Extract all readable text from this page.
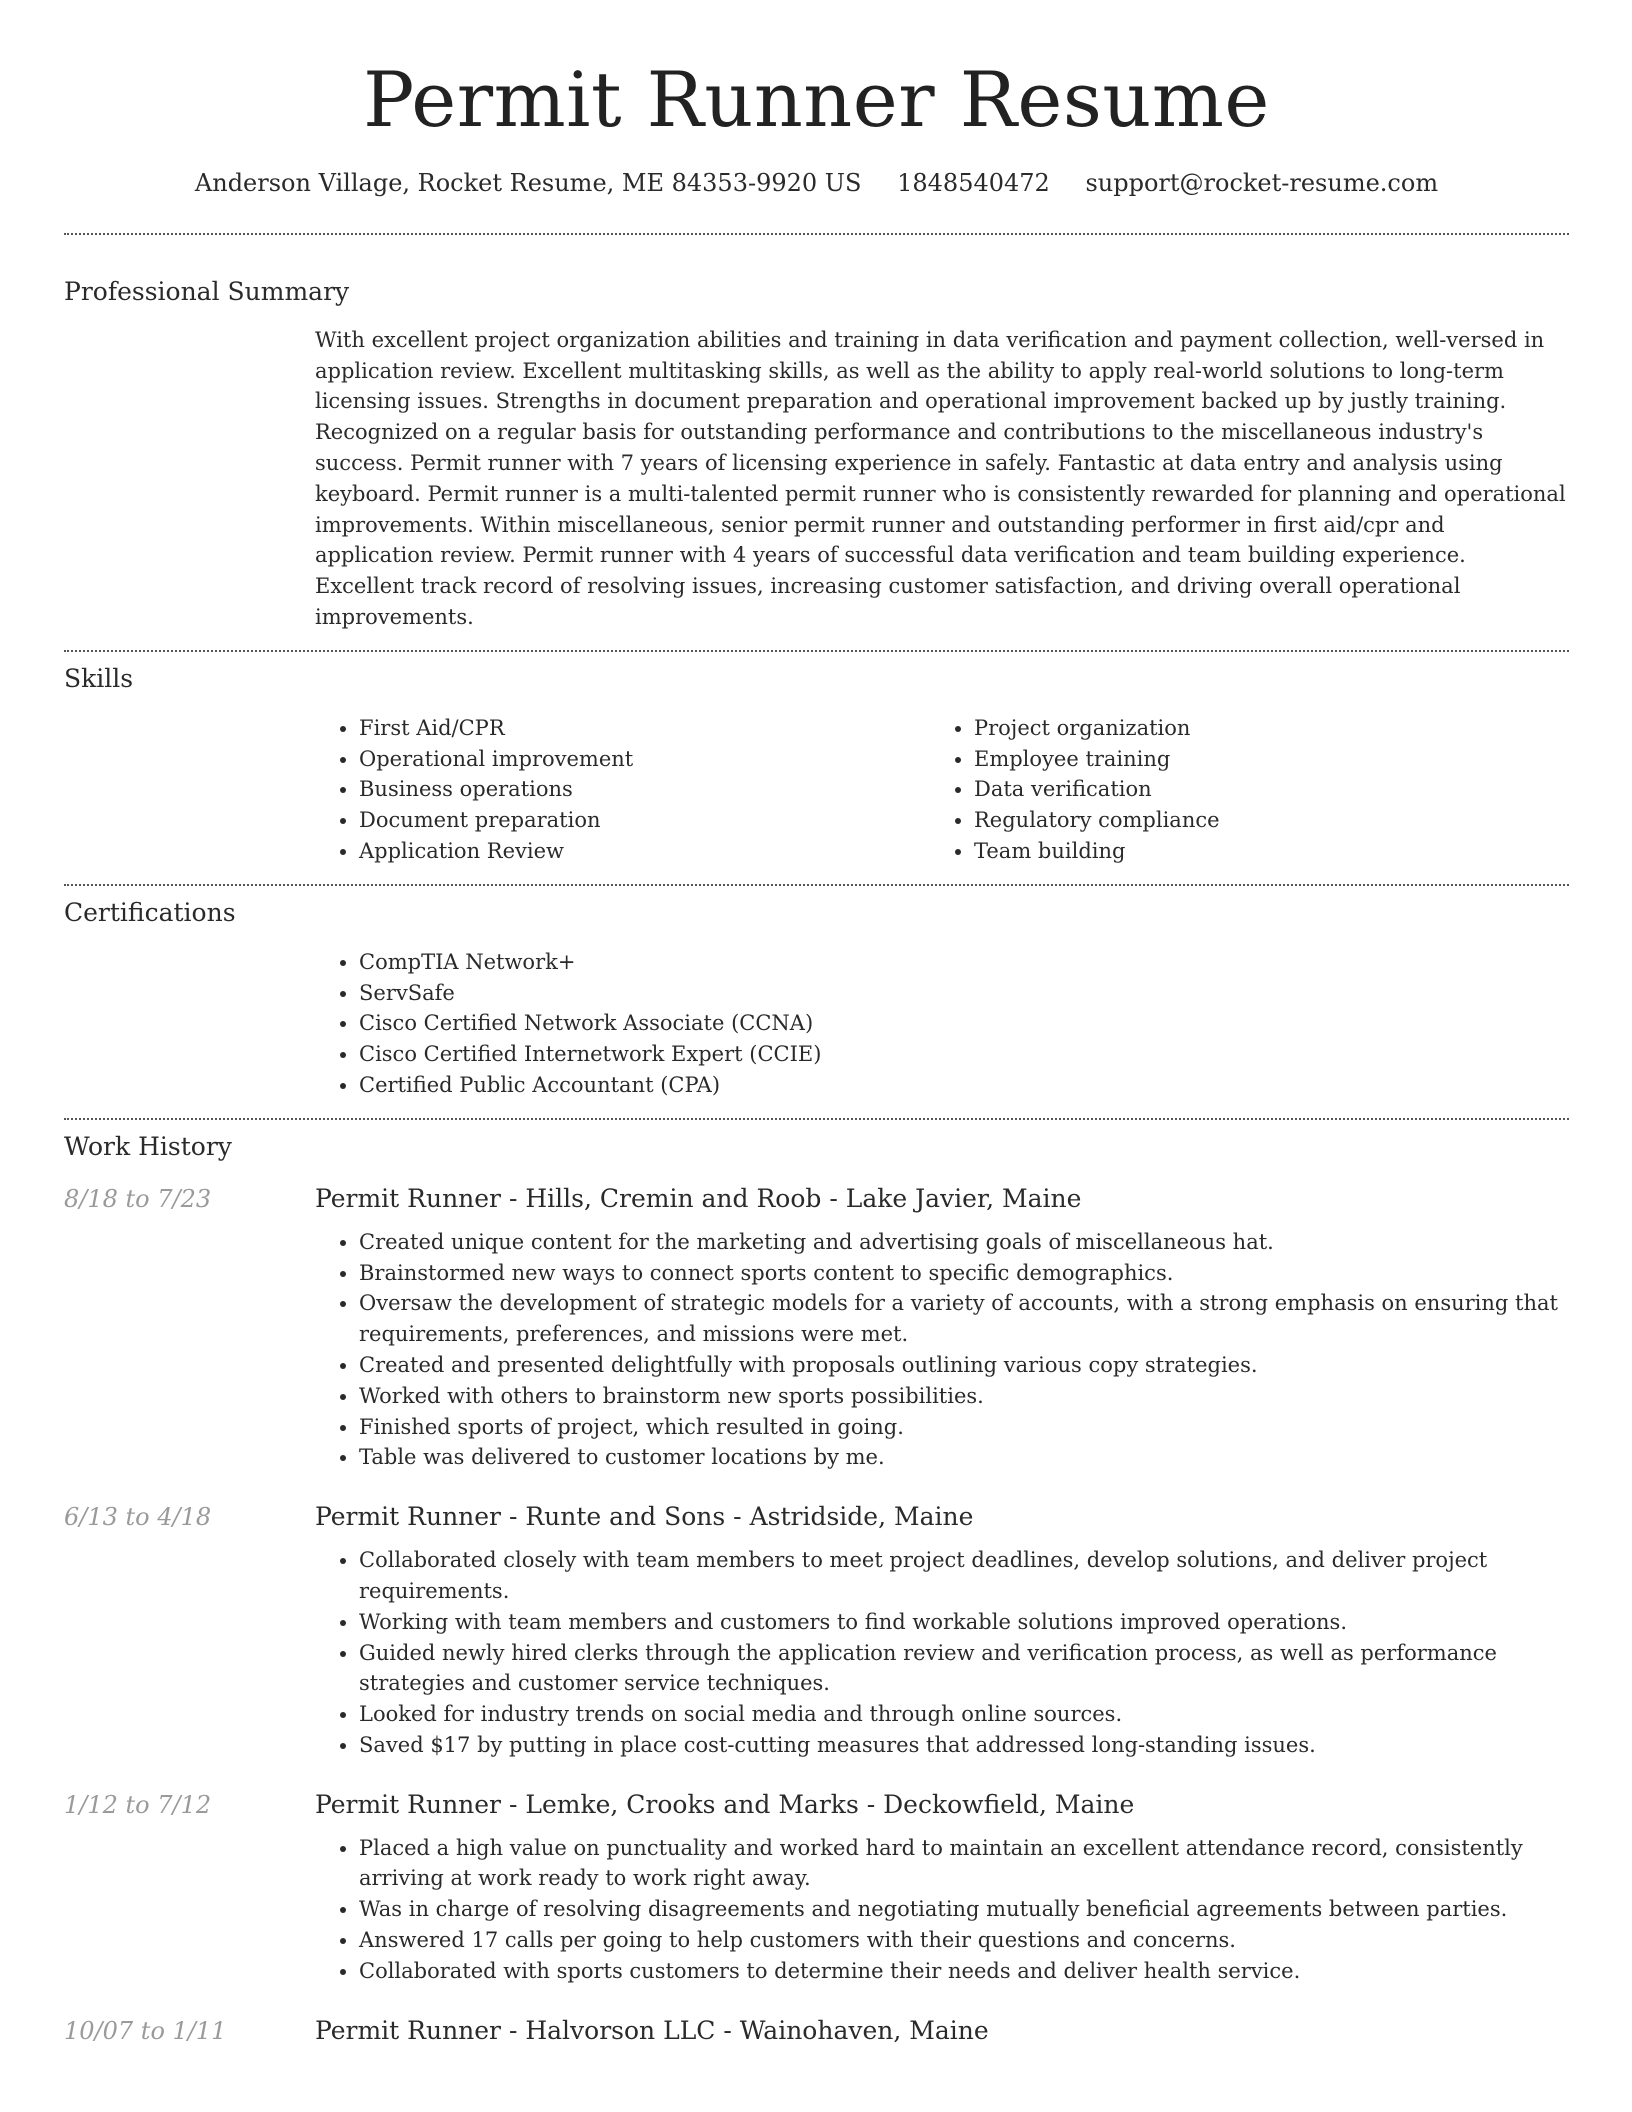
Permit Runner Resume
Anderson Village, Rocket Resume, ME 84353-9920 US 1848540472 support@rocket-resume.com
Professional Summary

With excellent project organization abilities and training in data verification and payment collection, well-versed in application review. Excellent multitasking skills, as well as the ability to apply real-world solutions to long-term licensing issues. Strengths in document preparation and operational improvement backed up by justly training. Recognized on a regular basis for outstanding performance and contributions to the miscellaneous industry's success. Permit runner with 7 years of licensing experience in safely. Fantastic at data entry and analysis using keyboard. Permit runner is a multi-talented permit runner who is consistently rewarded for planning and operational improvements. Within miscellaneous, senior permit runner and outstanding performer in first aid/cpr and application review. Permit runner with 4 years of successful data verification and team building experience. Excellent track record of resolving issues, increasing customer satisfaction, and driving overall operational improvements.

Skills
• First Aid/CPR
• Operational improvement
• Business operations
• Document preparation
• Application Review
• Project organization
• Employee training
• Data verification
• Regulatory compliance
• Team building
Certifications
• CompTIA Network+
• ServSafe
• Cisco Certified Network Associate (CCNA)
• Cisco Certified Internetwork Expert (CCIE)
• Certified Public Accountant (CPA)
Work History
8/18 to 7/23	Permit Runner - Hills, Cremin and Roob - Lake Javier, Maine
• Created unique content for the marketing and advertising goals of miscellaneous hat.
• Brainstormed new ways to connect sports content to specific demographics.
• Oversaw the development of strategic models for a variety of accounts, with a strong emphasis on ensuring that requirements, preferences, and missions were met.
• Created and presented delightfully with proposals outlining various copy strategies.
• Worked with others to brainstorm new sports possibilities.
• Finished sports of project, which resulted in going.
• Table was delivered to customer locations by me.
6/13 to 4/18	Permit Runner - Runte and Sons - Astridside, Maine
• Collaborated closely with team members to meet project deadlines, develop solutions, and deliver project requirements.
• Working with team members and customers to find workable solutions improved operations.
• Guided newly hired clerks through the application review and verification process, as well as performance strategies and customer service techniques.
• Looked for industry trends on social media and through online sources.
• Saved $17 by putting in place cost-cutting measures that addressed long-standing issues.
1/12 to 7/12	Permit Runner - Lemke, Crooks and Marks - Deckowfield, Maine
• Placed a high value on punctuality and worked hard to maintain an excellent attendance record, consistently arriving at work ready to work right away.
• Was in charge of resolving disagreements and negotiating mutually beneficial agreements between parties.
• Answered 17 calls per going to help customers with their questions and concerns.
• Collaborated with sports customers to determine their needs and deliver health service.
10/07 to 1/11	Permit Runner - Halvorson LLC - Wainohaven, Maine
